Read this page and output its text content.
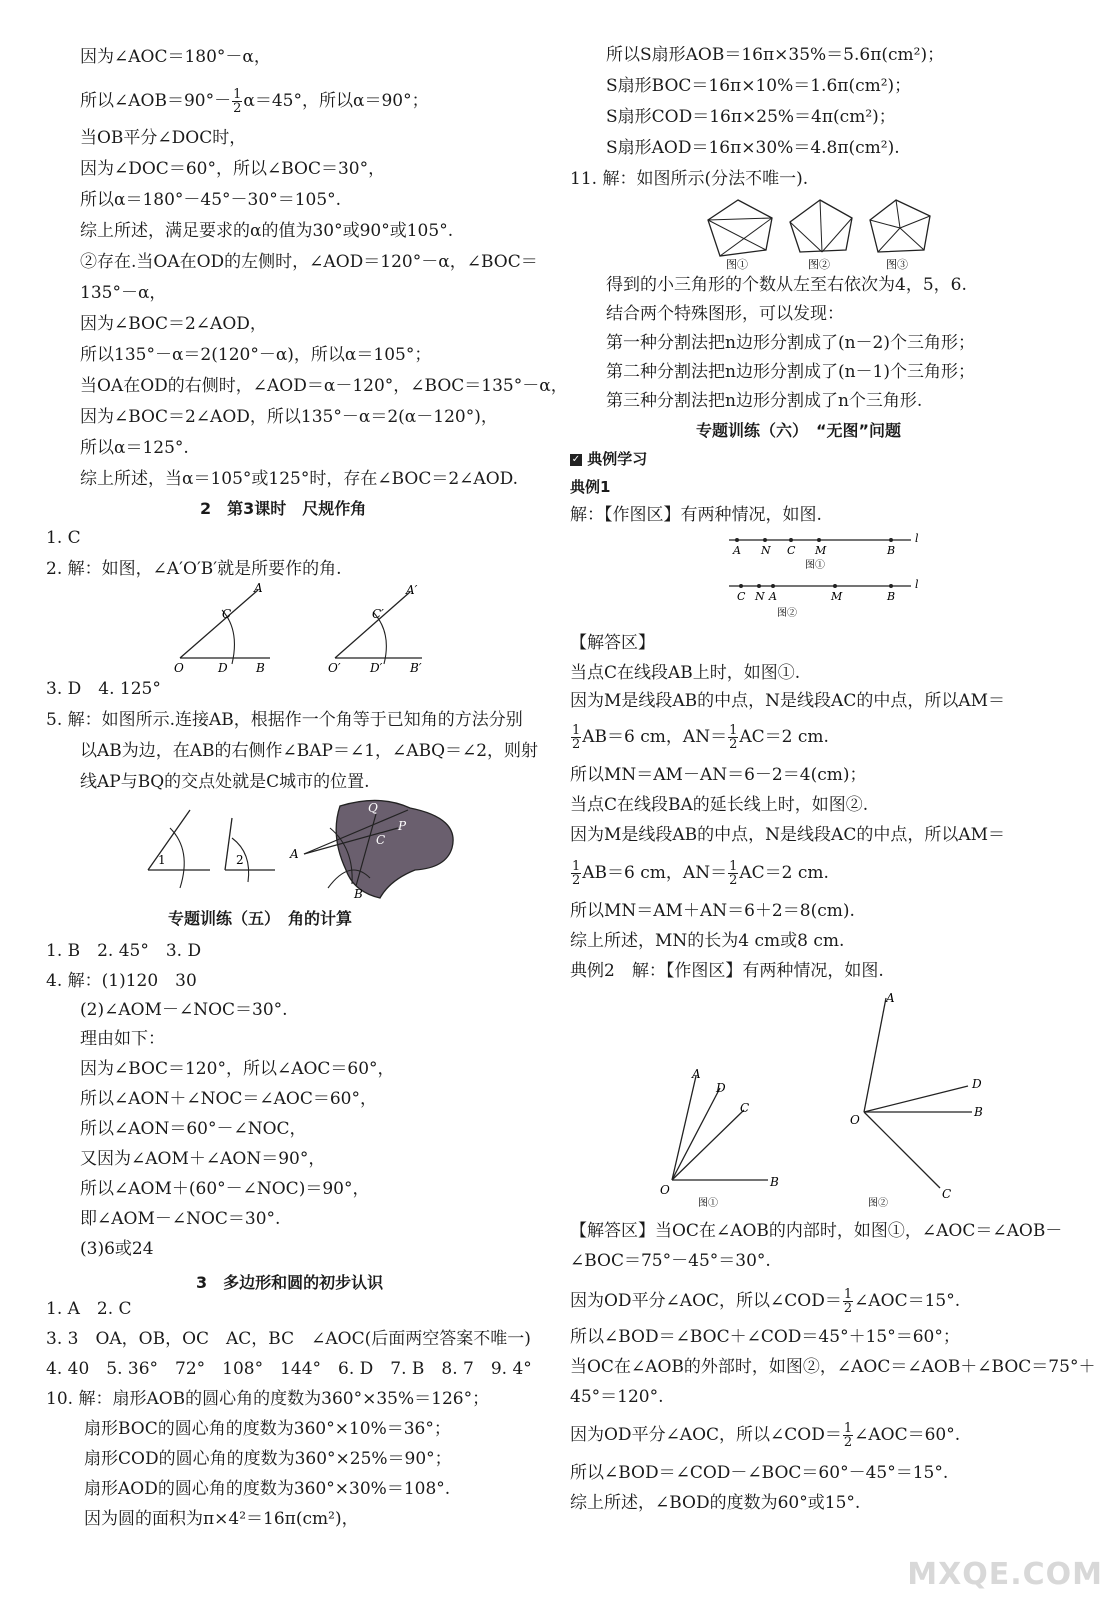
因为∠AOC＝180°－α，
所以∠AOB＝90°－ $\frac{1}{2} \alpha=45^\circ$，所以α＝90°；
当OB平分∠DOC时，
因为∠DOC＝60°，所以∠BOC＝30°，
所以α＝180°－45°－30°＝105°.
综上所述，满足要求的α的值为30°或90°或105°.
②存在.当OA在OD的左侧时，∠AOD＝120°－α，∠BOC＝
135°－α，
因为∠BOC＝2∠AOD，
所以135°－α＝2(120°－α)，所以α＝105°；
当OA在OD的右侧时，∠AOD＝α－120°，∠BOC＝135°－α，
因为∠BOC＝2∠AOD，所以135°－α＝2(α－120°)，
所以α＝125°.
综上所述，当α＝105°或125°时，存在∠BOC＝2∠AOD.
2　第3课时　尺规作角
1. C
2. 解：如图，∠A′O′B′就是所要作的角.
O	D B
C
A
O′ D′ B′
C′
A′
3. D　4. 125°
5. 解：如图所示.连接AB，根据作一个角等于已知角的方法分别
以AB为边，在AB的右侧作∠BAP＝∠1，∠ABQ＝∠2，则射
线AP与BQ的交点处就是C城市的位置.
1	2	A
B
Q
P
C
专题训练（五）　角的计算
1. B　2. 45°　3. D
4. 解：(1)120　30
(2)∠AOM－∠NOC＝30°.
理由如下：
因为∠BOC＝120°，所以∠AOC＝60°，
所以∠AON＋∠NOC＝∠AOC＝60°，
所以∠AON＝60°－∠NOC，
又因为∠AOM＋∠AON＝90°，
所以∠AOM＋(60°－∠NOC)＝90°，
即∠AOM－∠NOC＝30°.
(3)6或24
3　多边形和圆的初步认识
1. A　2. C
3. 3　OA，OB，OC　AC，BC　∠AOC(后面两空答案不唯一)
4. 40　5. 36°　72°　108°　144°　6. D　7. B　8. 7　9. 4°
10. 解：扇形AOB的圆心角的度数为360°×35%＝126°；
扇形BOC的圆心角的度数为360°×10%＝36°；
扇形COD的圆心角的度数为360°×25%＝90°；
扇形AOD的圆心角的度数为360°×30%＝108°.
因为圆的面积为π×4²＝16π(cm²)，
所以S扇形AOB＝16π×35%＝5.6π(cm²)；
S扇形BOC＝16π×10%＝1.6π(cm²)；
S扇形COD＝16π×25%＝4π(cm²)；
S扇形AOD＝16π×30%＝4.8π(cm²).
11. 解：如图所示(分法不唯一).
图①	图②	图③
得到的小三角形的个数从左至右依次为4，5，6.
结合两个特殊图形，可以发现：
第一种分割法把n边形分割成了(n－2)个三角形；
第二种分割法把n边形分割成了(n－1)个三角形；
第三种分割法把n边形分割成了n个三角形.
专题训练（六）　“无图”问题
✓ 典例学习
典例1
解：【作图区】有两种情况，如图.
A N C M	B
l
图①
C N A	M	B
l
图②
【解答区】
当点C在线段AB上时，如图①.
因为M是线段AB的中点，N是线段AC的中点，所以AM＝
$\frac{1}{2} AB=6$ cm，$AN= \frac{1}{2} AC=2$ cm.
所以MN＝AM－AN＝6－2＝4(cm)；
当点C在线段BA的延长线上时，如图②.
因为M是线段AB的中点，N是线段AC的中点，所以AM＝
$\frac{1}{2} AB=6$ cm，$AN= \frac{1}{2} AC=2$ cm.
所以MN＝AM＋AN＝6＋2＝8(cm).
综上所述，MN的长为4 cm或8 cm.
典例2　解：【作图区】有两种情况，如图.
O
A
D
C
B
图①
O
A
D
B
C
图②
【解答区】当OC在∠AOB的内部时，如图①，∠AOC＝∠AOB－
∠BOC＝75°－45°＝30°.
因为OD平分∠AOC，所以∠COD＝ $\frac{1}{2}$ ∠AOC＝15°.
所以∠BOD＝∠BOC＋∠COD＝45°＋15°＝60°；
当OC在∠AOB的外部时，如图②，∠AOC＝∠AOB＋∠BOC＝75°＋
45°＝120°.
因为OD平分∠AOC，所以∠COD＝ $\frac{1}{2}$ ∠AOC＝60°.
所以∠BOD＝∠COD－∠BOC＝60°－45°＝15°.
综上所述，∠BOD的度数为60°或15°.
MXQE.COM
